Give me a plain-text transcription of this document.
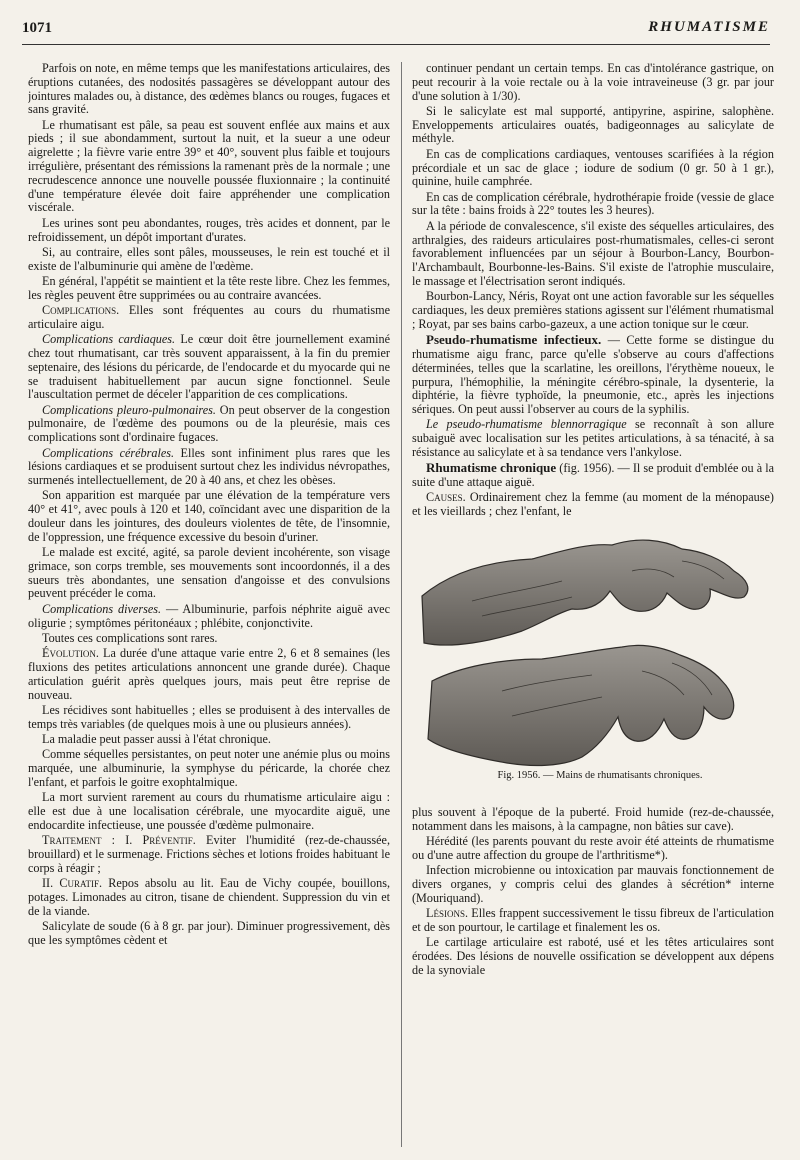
1071	RHUMATISME

Parfois on note, en même temps que les manifestations articulaires, des éruptions cutanées, des nodosités passagères se développant autour des jointures malades ou, à distance, des œdèmes blancs ou rouges, fugaces et sans gravité.

Le rhumatisant est pâle, sa peau est souvent enflée aux mains et aux pieds ; il sue abondamment, surtout la nuit, et la sueur a une odeur aigrelette ; la fièvre varie entre 39° et 40°, souvent plus faible et toujours irrégulière, présentant des rémissions la ramenant près de la normale ; une recrudescence annonce une nouvelle poussée fluxionnaire ; la continuité d'une température élevée doit faire appréhender une complication viscérale.

Les urines sont peu abondantes, rouges, très acides et donnent, par le refroidissement, un dépôt important d'urates.

Si, au contraire, elles sont pâles, mousseuses, le rein est touché et il existe de l'albuminurie qui amène de l'œdème.

En général, l'appétit se maintient et la tête reste libre. Chez les femmes, les règles peuvent être supprimées ou au contraire avancées.

Complications. Elles sont fréquentes au cours du rhumatisme articulaire aigu.

Complications cardiaques. Le cœur doit être journellement examiné chez tout rhumatisant, car très souvent apparaissent, à la fin du premier septenaire, des lésions du péricarde, de l'endocarde et du myocarde qui ne se traduisent habituellement par aucun signe fonctionnel. Seule l'auscultation permet de déceler l'apparition de ces complications.

Complications pleuro-pulmonaires. On peut observer de la congestion pulmonaire, de l'œdème des poumons ou de la pleurésie, mais ces complications sont d'ordinaire fugaces.

Complications cérébrales. Elles sont infiniment plus rares que les lésions cardiaques et se produisent surtout chez les individus névropathes, surmenés intellectuellement, de 20 à 40 ans, et chez les obèses.

Son apparition est marquée par une élévation de la température vers 40° et 41°, avec pouls à 120 et 140, coïncidant avec une disparition de la douleur dans les jointures, des douleurs violentes de tête, de l'insomnie, de l'oppression, une fréquence excessive du besoin d'uriner.

Le malade est excité, agité, sa parole devient incohérente, son visage grimace, son corps tremble, ses mouvements sont incoordonnés, il a des sueurs très abondantes, une sensation d'angoisse et des convulsions peuvent précéder le coma.

Complications diverses. — Albuminurie, parfois néphrite aiguë avec oligurie ; symptômes péritonéaux ; phlébite, conjonctivite.

Toutes ces complications sont rares.

Évolution. La durée d'une attaque varie entre 2, 6 et 8 semaines (les fluxions des petites articulations annoncent une grande durée). Chaque articulation guérit après quelques jours, mais peut être reprise de nouveau.

Les récidives sont habituelles ; elles se produisent à des intervalles de temps très variables (de quelques mois à une ou plusieurs années).

La maladie peut passer aussi à l'état chronique.

Comme séquelles persistantes, on peut noter une anémie plus ou moins marquée, une albuminurie, la symphyse du péricarde, la chorée chez l'enfant, et parfois le goitre exophtalmique.

La mort survient rarement au cours du rhumatisme articulaire aigu : elle est due à une localisation cérébrale, une myocardite aiguë, une endocardite infectieuse, une poussée d'œdème pulmonaire.

Traitement : I. Préventif. Eviter l'humidité (rez-de-chaussée, brouillard) et le surmenage. Frictions sèches et lotions froides habituant le corps à réagir ;

II. Curatif. Repos absolu au lit. Eau de Vichy coupée, bouillons, potages. Limonades au citron, tisane de chiendent. Suppression du vin et de la viande.

Salicylate de soude (6 à 8 gr. par jour). Diminuer progressivement, dès que les symptômes cèdent et

continuer pendant un certain temps. En cas d'intolérance gastrique, on peut recourir à la voie rectale ou à la voie intraveineuse (3 gr. par jour d'une solution à 1/30).

Si le salicylate est mal supporté, antipyrine, aspirine, salophène. Enveloppements articulaires ouatés, badigeonnages au salicylate de méthyle.

En cas de complications cardiaques, ventouses scarifiées à la région précordiale et un sac de glace ; iodure de sodium (0 gr. 50 à 1 gr.), quinine, huile camphrée.

En cas de complication cérébrale, hydrothérapie froide (vessie de glace sur la tête : bains froids à 22° toutes les 3 heures).

A la période de convalescence, s'il existe des séquelles articulaires, des arthralgies, des raideurs articulaires post-rhumatismales, celles-ci seront favorablement influencées par un séjour à Bourbon-Lancy, Bourbon-l'Archambault, Bourbonne-les-Bains. S'il existe de l'atrophie musculaire, le massage et l'électrisation seront indiqués.

Bourbon-Lancy, Néris, Royat ont une action favorable sur les séquelles cardiaques, les deux premières stations agissent sur l'élément rhumatismal ; Royat, par ses bains carbo-gazeux, a une action tonique sur le cœur.

Pseudo-rhumatisme infectieux. — Cette forme se distingue du rhumatisme aigu franc, parce qu'elle s'observe au cours d'affections déterminées, telles que la scarlatine, les oreillons, l'érythème noueux, le purpura, l'hémophilie, la méningite cérébro-spinale, la dysenterie, la diphtérie, la fièvre typhoïde, la pneumonie, etc., après les injections sériques. On peut aussi l'observer au cours de la syphilis.

Le pseudo-rhumatisme blennorragique se reconnaît à son allure subaiguë avec localisation sur les petites articulations, à sa ténacité, à sa résistance au salicylate et à sa tendance vers l'ankylose.

Rhumatisme chronique (fig. 1956). — Il se produit d'emblée ou à la suite d'une attaque aiguë.

Causes. Ordinairement chez la femme (au moment de la ménopause) et les vieillards ; chez l'enfant, le

Fig. 1956. — Mains de rhumatisants chroniques.

plus souvent à l'époque de la puberté. Froid humide (rez-de-chaussée, notamment dans les maisons, à la campagne, non bâties sur cave).

Hérédité (les parents pouvant du reste avoir été atteints de rhumatisme ou d'une autre affection du groupe de l'arthritisme*).

Infection microbienne ou intoxication par mauvais fonctionnement de divers organes, y compris celui des glandes à sécrétion* interne (Mouriquand).

Lésions. Elles frappent successivement le tissu fibreux de l'articulation et de son pourtour, le cartilage et finalement les os.

Le cartilage articulaire est raboté, usé et les têtes articulaires sont érodées. Des lésions de nouvelle ossification se développent aux dépens de la synoviale
